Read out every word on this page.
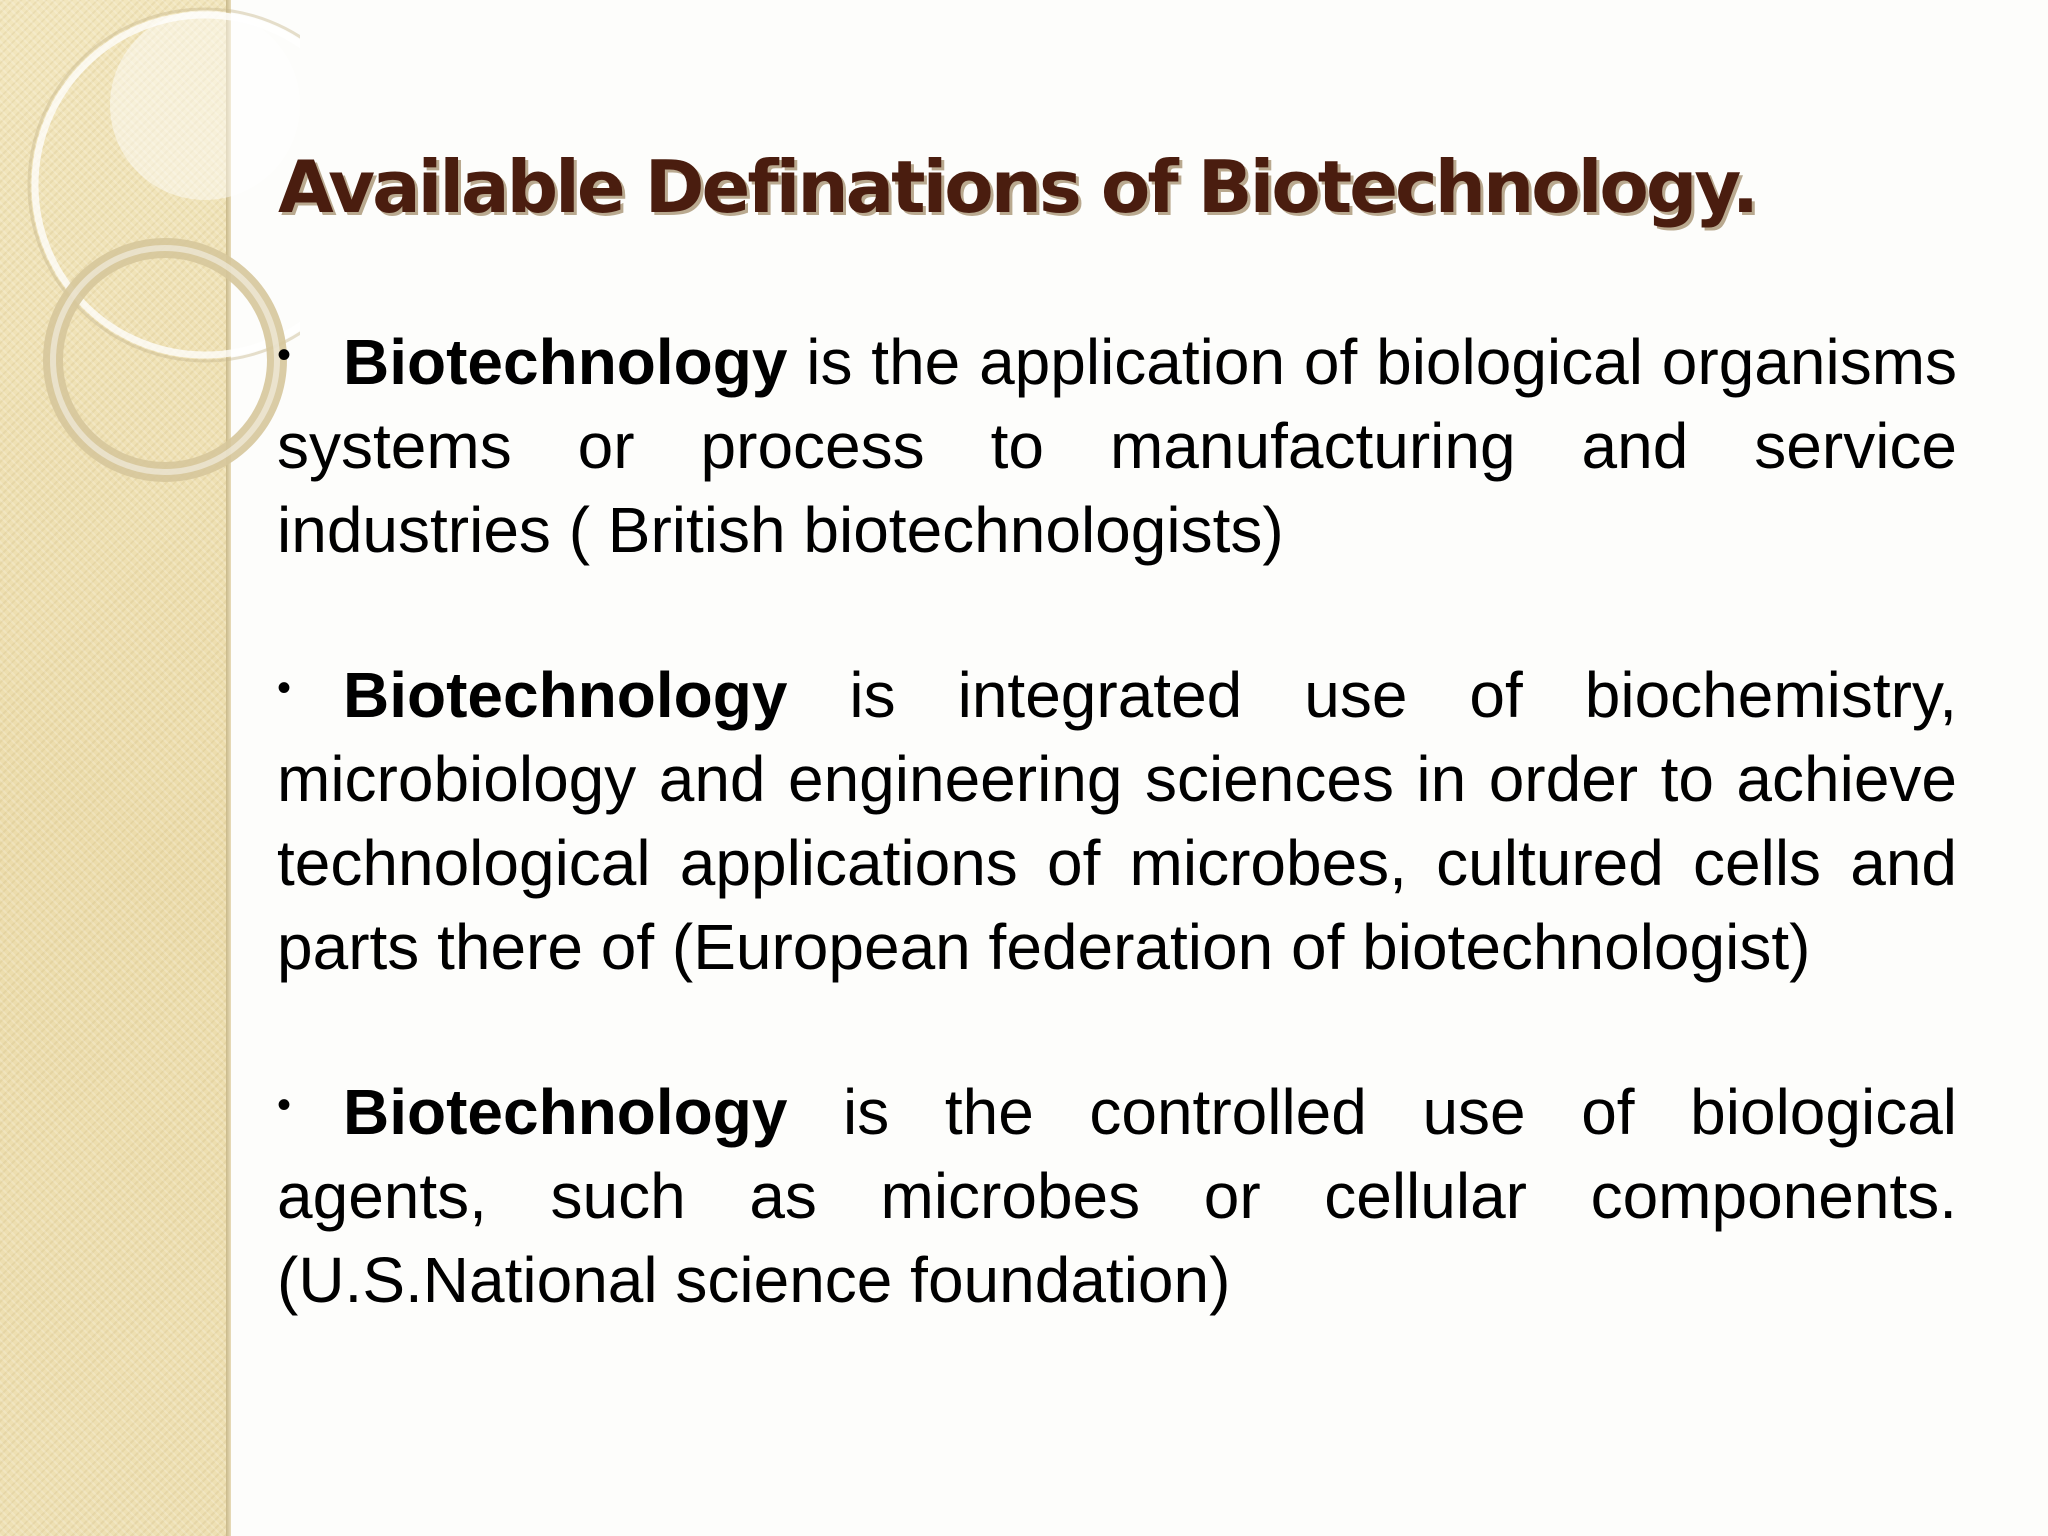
Available Definations of Biotechnology.

• Biotechnology is the application of biological organisms systems or process to manufacturing and service industries ( British biotechnologists)

• Biotechnology is integrated use of biochemistry, microbiology and engineering sciences in order to achieve technological applications of microbes, cultured cells and parts there of (European federation of biotechnologist)

• Biotechnology is the controlled use of biological agents, such as microbes or cellular components. (U.S.National science foundation)
